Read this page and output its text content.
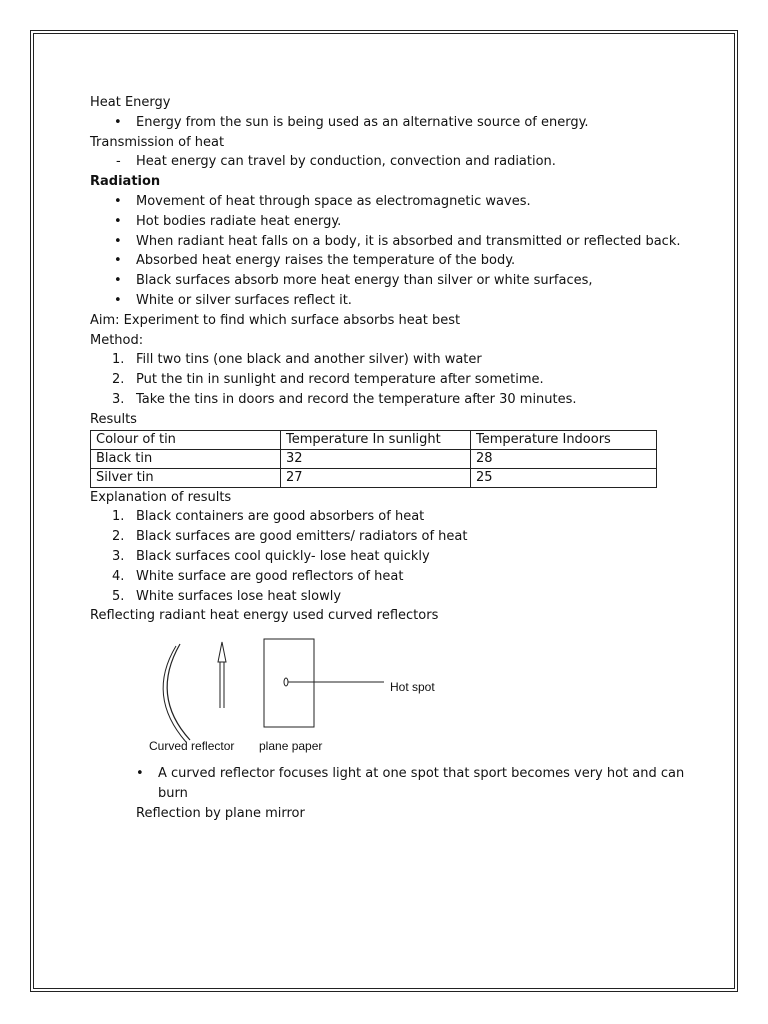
Heat Energy
• Energy from the sun is being used as an alternative source of energy.
Transmission of heat
- Heat energy can travel by conduction, convection and radiation.
Radiation
• Movement of heat through space as electromagnetic waves.
• Hot bodies radiate heat energy.
• When radiant heat falls on a body, it is absorbed and transmitted or reflected back.
• Absorbed heat energy raises the temperature of the body.
• Black surfaces absorb more heat energy than silver or white surfaces,
• White or silver surfaces reflect it.
Aim: Experiment to find which surface absorbs heat best
Method:
1. Fill two tins (one black and another silver) with water
2. Put the tin in sunlight and record temperature after sometime.
3. Take the tins in doors and record the temperature after 30 minutes.
Results
Colour of tin	Temperature In sunlight	Temperature Indoors
Black tin	32	28
Silver tin	27	25
Explanation of results
1. Black containers are good absorbers of heat
2. Black surfaces are good emitters/ radiators of heat
3. Black surfaces cool quickly- lose heat quickly
4. White surface are good reflectors of heat
5. White surfaces lose heat slowly
Reflecting radiant heat energy used curved reflectors
Hot spot
Curved reflector plane paper
• A curved reflector focuses light at one spot that sport becomes very hot and can burn
Reflection by plane mirror
